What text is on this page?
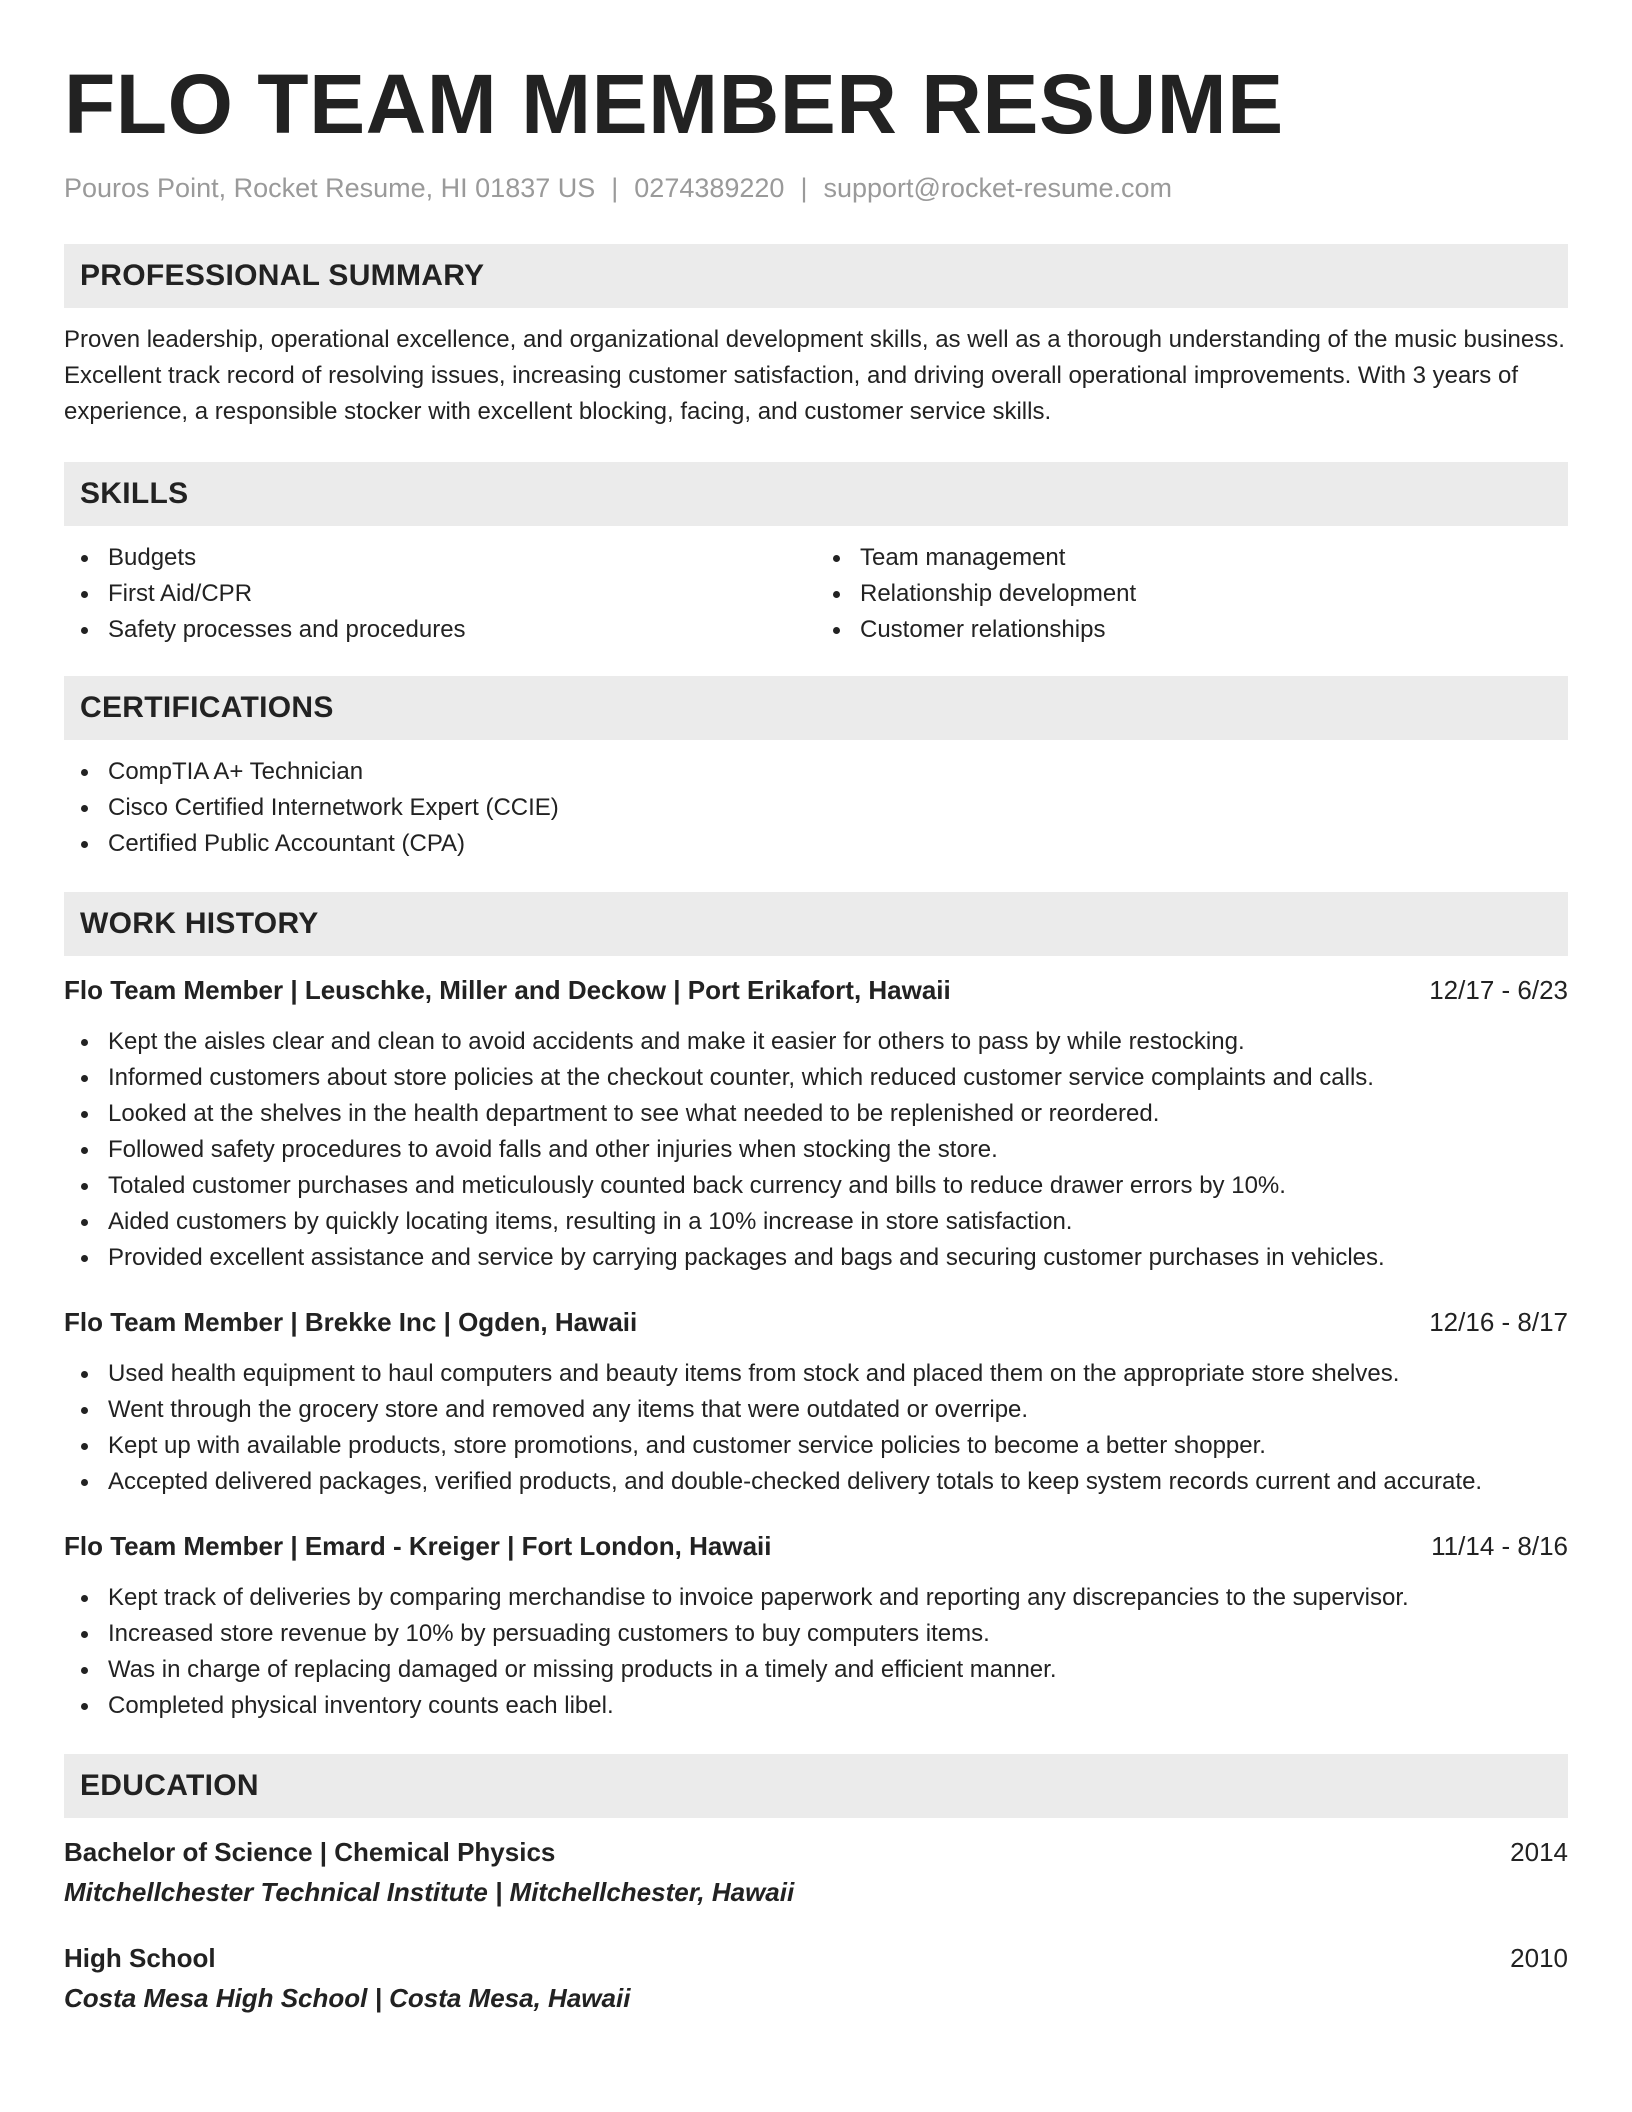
FLO TEAM MEMBER RESUME
Pouros Point, Rocket Resume, HI 01837 US | 0274389220 | support@rocket-resume.com
PROFESSIONAL SUMMARY
Proven leadership, operational excellence, and organizational development skills, as well as a thorough understanding of the music business. Excellent track record of resolving issues, increasing customer satisfaction, and driving overall operational improvements. With 3 years of experience, a responsible stocker with excellent blocking, facing, and customer service skills.
SKILLS
Budgets
First Aid/CPR
Safety processes and procedures
Team management
Relationship development
Customer relationships
CERTIFICATIONS
CompTIA A+ Technician
Cisco Certified Internetwork Expert (CCIE)
Certified Public Accountant (CPA)
WORK HISTORY
Flo Team Member | Leuschke, Miller and Deckow | Port Erikafort, Hawaii	12/17 - 6/23
Kept the aisles clear and clean to avoid accidents and make it easier for others to pass by while restocking.
Informed customers about store policies at the checkout counter, which reduced customer service complaints and calls.
Looked at the shelves in the health department to see what needed to be replenished or reordered.
Followed safety procedures to avoid falls and other injuries when stocking the store.
Totaled customer purchases and meticulously counted back currency and bills to reduce drawer errors by 10%.
Aided customers by quickly locating items, resulting in a 10% increase in store satisfaction.
Provided excellent assistance and service by carrying packages and bags and securing customer purchases in vehicles.
Flo Team Member | Brekke Inc | Ogden, Hawaii	12/16 - 8/17
Used health equipment to haul computers and beauty items from stock and placed them on the appropriate store shelves.
Went through the grocery store and removed any items that were outdated or overripe.
Kept up with available products, store promotions, and customer service policies to become a better shopper.
Accepted delivered packages, verified products, and double-checked delivery totals to keep system records current and accurate.
Flo Team Member | Emard - Kreiger | Fort London, Hawaii	11/14 - 8/16
Kept track of deliveries by comparing merchandise to invoice paperwork and reporting any discrepancies to the supervisor.
Increased store revenue by 10% by persuading customers to buy computers items.
Was in charge of replacing damaged or missing products in a timely and efficient manner.
Completed physical inventory counts each libel.
EDUCATION
Bachelor of Science | Chemical Physics	2014
Mitchellchester Technical Institute | Mitchellchester, Hawaii
High School	2010
Costa Mesa High School | Costa Mesa, Hawaii
